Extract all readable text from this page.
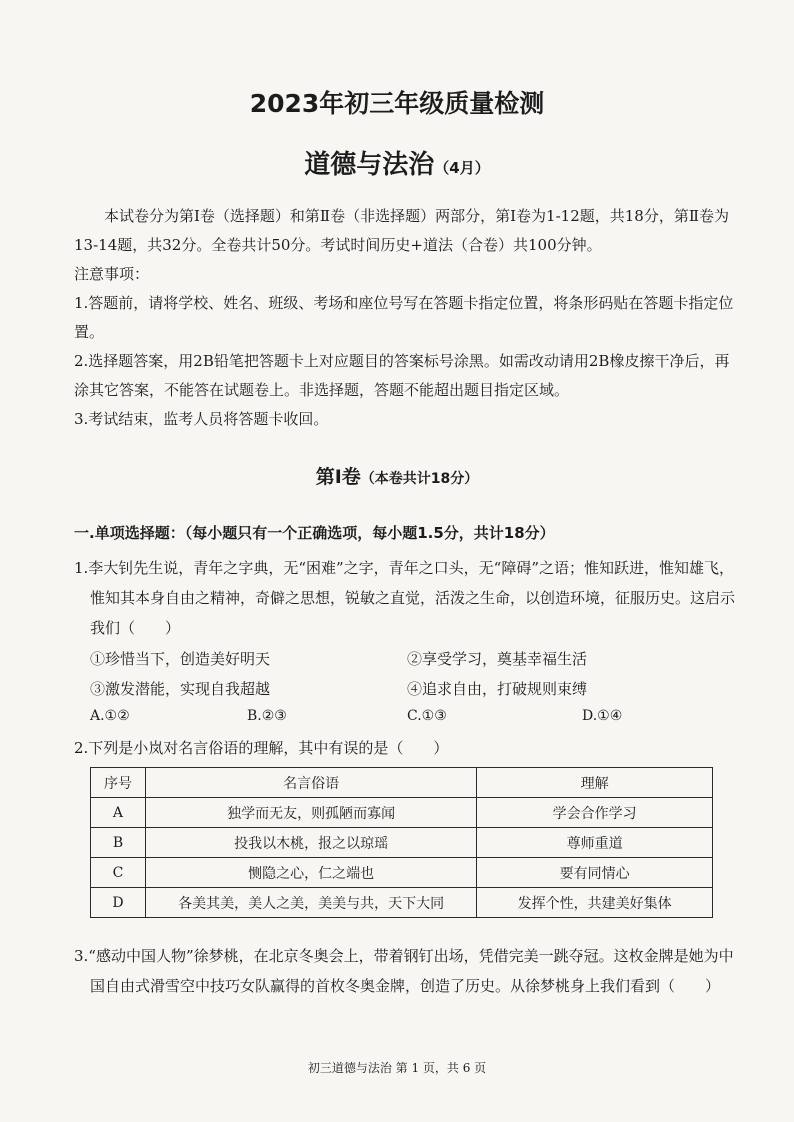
2023年初三年级质量检测
道德与法治（4月）

本试卷分为第Ⅰ卷（选择题）和第Ⅱ卷（非选择题）两部分，第Ⅰ卷为1-12题，共18分，第Ⅱ卷为13-14题，共32分。全卷共计50分。考试时间历史+道法（合卷）共100分钟。

注意事项：

1.答题前，请将学校、姓名、班级、考场和座位号写在答题卡指定位置，将条形码贴在答题卡指定位置。

2.选择题答案，用2B铅笔把答题卡上对应题目的答案标号涂黑。如需改动请用2B橡皮擦干净后，再涂其它答案，不能答在试题卷上。非选择题，答题不能超出题目指定区域。

3.考试结束，监考人员将答题卡收回。

第Ⅰ卷（本卷共计18分）
一.单项选择题：（每小题只有一个正确选项，每小题1.5分，共计18分）

1.李大钊先生说，青年之字典，无“困难”之字，青年之口头，无“障碍”之语；惟知跃进，惟知雄飞，惟知其本身自由之精神，奇僻之思想，锐敏之直觉，活泼之生命，以创造环境，征服历史。这启示我们（　　）

①珍惜当下，创造美好明天	②享受学习，奠基幸福生活
③激发潜能，实现自我超越	④追求自由，打破规则束缚
A.①②	B.②③	C.①③	D.①④

2.下列是小岚对名言俗语的理解，其中有误的是（　　）

序号	名言俗语	理解
A	独学而无友，则孤陋而寡闻	学会合作学习
B	投我以木桃，报之以琼瑶	尊师重道
C	恻隐之心，仁之端也	要有同情心
D	各美其美，美人之美，美美与共，天下大同	发挥个性，共建美好集体

3.“感动中国人物”徐梦桃，在北京冬奥会上，带着钢钉出场，凭借完美一跳夺冠。这枚金牌是她为中国自由式滑雪空中技巧女队赢得的首枚冬奥金牌，创造了历史。从徐梦桃身上我们看到（　　）

初三道德与法治 第 1 页，共 6 页
